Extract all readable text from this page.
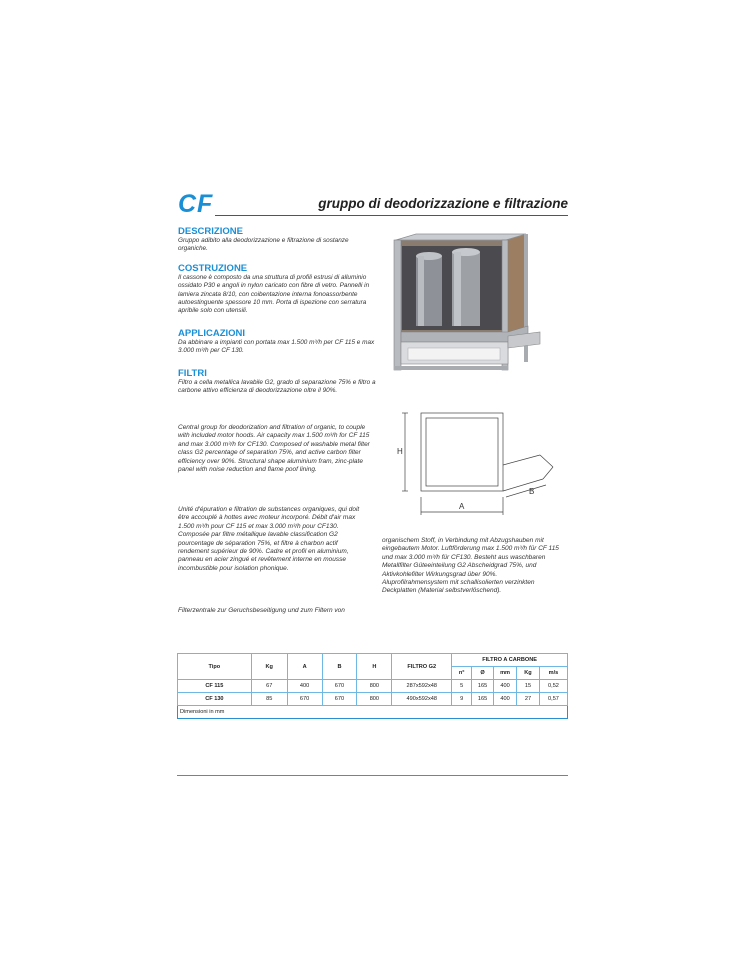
CF	gruppo di deodorizzazione e filtrazione
DESCRIZIONE
Gruppo adibito alla deodorizzazione e filtrazione di sostanze organiche.
COSTRUZIONE
Il cassone è composto da una struttura di profili estrusi di alluminio ossidato P30 e angoli in nylon caricato con fibre di vetro. Pannelli in lamiera zincata 8/10, con coibentazione interna fonoassorbente autoestinguente spessore 10 mm. Porta di ispezione con serratura apribile solo con utensili.
APPLICAZIONI
Da abbinare a impianti con portata max 1.500 m³/h per CF 115 e max 3.000 m³/h per CF 130.
FILTRI
Filtro a cella metallica lavabile G2, grado di separazione 75% e filtro a carbone attivo efficienza di deodorizzazione oltre il 90%.
Central group for deodorization and filtration of organic, to couple with included motor hoods. Air capacity max 1.500 m³/h for CF 115 and max 3.000 m³/h for CF130. Composed of washable metal filter class G2 percentage of separation 75%, and active carbon filter efficiency over 90%. Structural shape aluminium fram, zinc-plate panel with noise reduction and flame poof lining.
Unité d'épuration e filtration de substances organiques, qui doit être accouplé à hottes avec moteur incorporé. Débit d'air max 1.500 m³/h pour CF 115 et max 3.000 m³/h pour CF130. Composée par filtre métallique lavable classification G2 pourcentage de séparation 75%, et filtre à charbon actif rendement supérieur de 90%. Cadre et profil en aluminium, panneau en acier zingué et revêtement interne en mousse incombustible pour isolation phonique.
Filterzentrale zur Geruchsbeseitigung und zum Filtern von
organischem Stoff, in Verbindung mit Abzugshauben mit eingebautem Motor. Luftförderung max 1.500 m³/h für CF 115 und max 3.000 m³/h für CF130. Besteht aus waschbaren Metallfilter Güteeinteilung G2 Abscheidgrad 75%, und Aktivkohlefilter Wirkungsgrad über 90%. Aluprofilrahmensystem mit schallisolierten verzinkten Deckplatten (Material selbstverlöschend).
H
A
B
Tipo	Kg	A	B	H	FILTRO G2	FILTRO A CARBONE				
						n°	Ø	mm	Kg	m/s
CF 115	67	400	670	800	287x592x48	5	165	400	15	0,52
CF 130	85	670	670	800	490x592x48	9	165	400	27	0,57
Dimensioni in mm										
